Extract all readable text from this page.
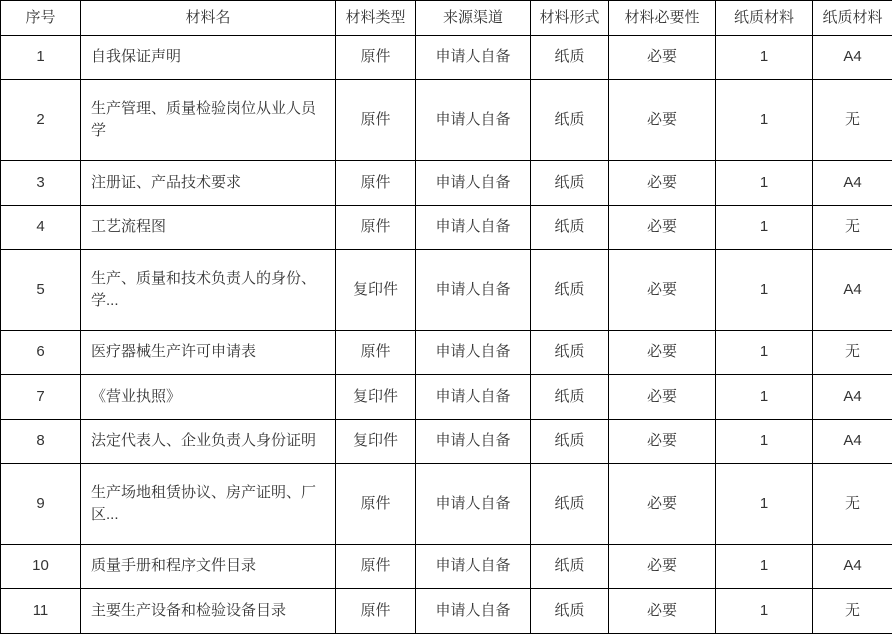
序号	材料名	材料类型	来源渠道	材料形式	材料必要性	纸质材料	纸质材料
1	自我保证声明	原件	申请人自备	纸质	必要	1	A4
2	生产管理、质量检验岗位从业人员学	原件	申请人自备	纸质	必要	1	无
3	注册证、产品技术要求	原件	申请人自备	纸质	必要	1	A4
4	工艺流程图	原件	申请人自备	纸质	必要	1	无
5	生产、质量和技术负责人的身份、学...	复印件	申请人自备	纸质	必要	1	A4
6	医疗器械生产许可申请表	原件	申请人自备	纸质	必要	1	无
7	《营业执照》	复印件	申请人自备	纸质	必要	1	A4
8	法定代表人、企业负责人身份证明	复印件	申请人自备	纸质	必要	1	A4
9	生产场地租赁协议、房产证明、厂区...	原件	申请人自备	纸质	必要	1	无
10	质量手册和程序文件目录	原件	申请人自备	纸质	必要	1	A4
11	主要生产设备和检验设备目录	原件	申请人自备	纸质	必要	1	无
